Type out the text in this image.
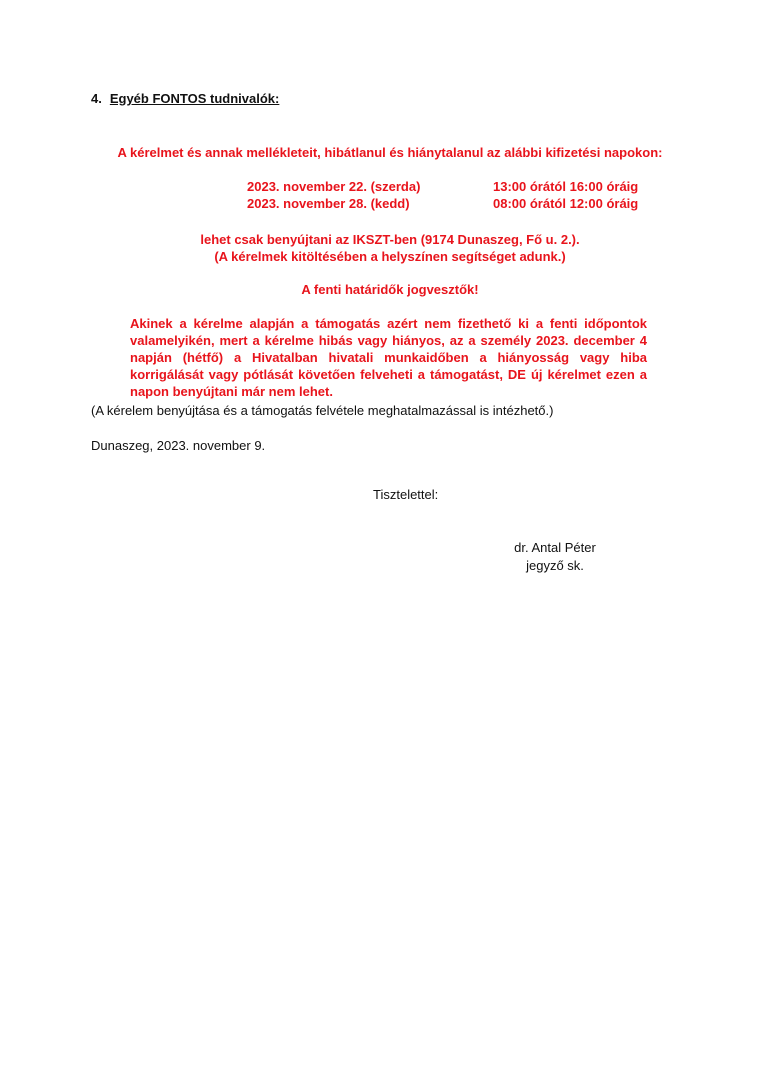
4. Egyéb FONTOS tudnivalók:
A kérelmet és annak mellékleteit, hibátlanul és hiánytalanul az alábbi kifizetési napokon:
2023. november 22. (szerda)	13:00 órától 16:00 óráig
2023. november 28. (kedd)	08:00 órától 12:00 óráig
lehet csak benyújtani az IKSZT-ben (9174 Dunaszeg, Fő u. 2.).
(A kérelmek kitöltésében a helyszínen segítséget adunk.)
A fenti határidők jogvesztők!
Akinek a kérelme alapján a támogatás azért nem fizethető ki a fenti időpontok valamelyikén, mert a kérelme hibás vagy hiányos, az a személy 2023. december 4 napján (hétfő) a Hivatalban hivatali munkaidőben a hiányosság vagy hiba korrigálását vagy pótlását követően felveheti a támogatást, DE új kérelmet ezen a napon benyújtani már nem lehet.
(A kérelem benyújtása és a támogatás felvétele meghatalmazással is intézhető.)
Dunaszeg, 2023. november 9.
Tisztelettel:
dr. Antal Péter
jegyző sk.
